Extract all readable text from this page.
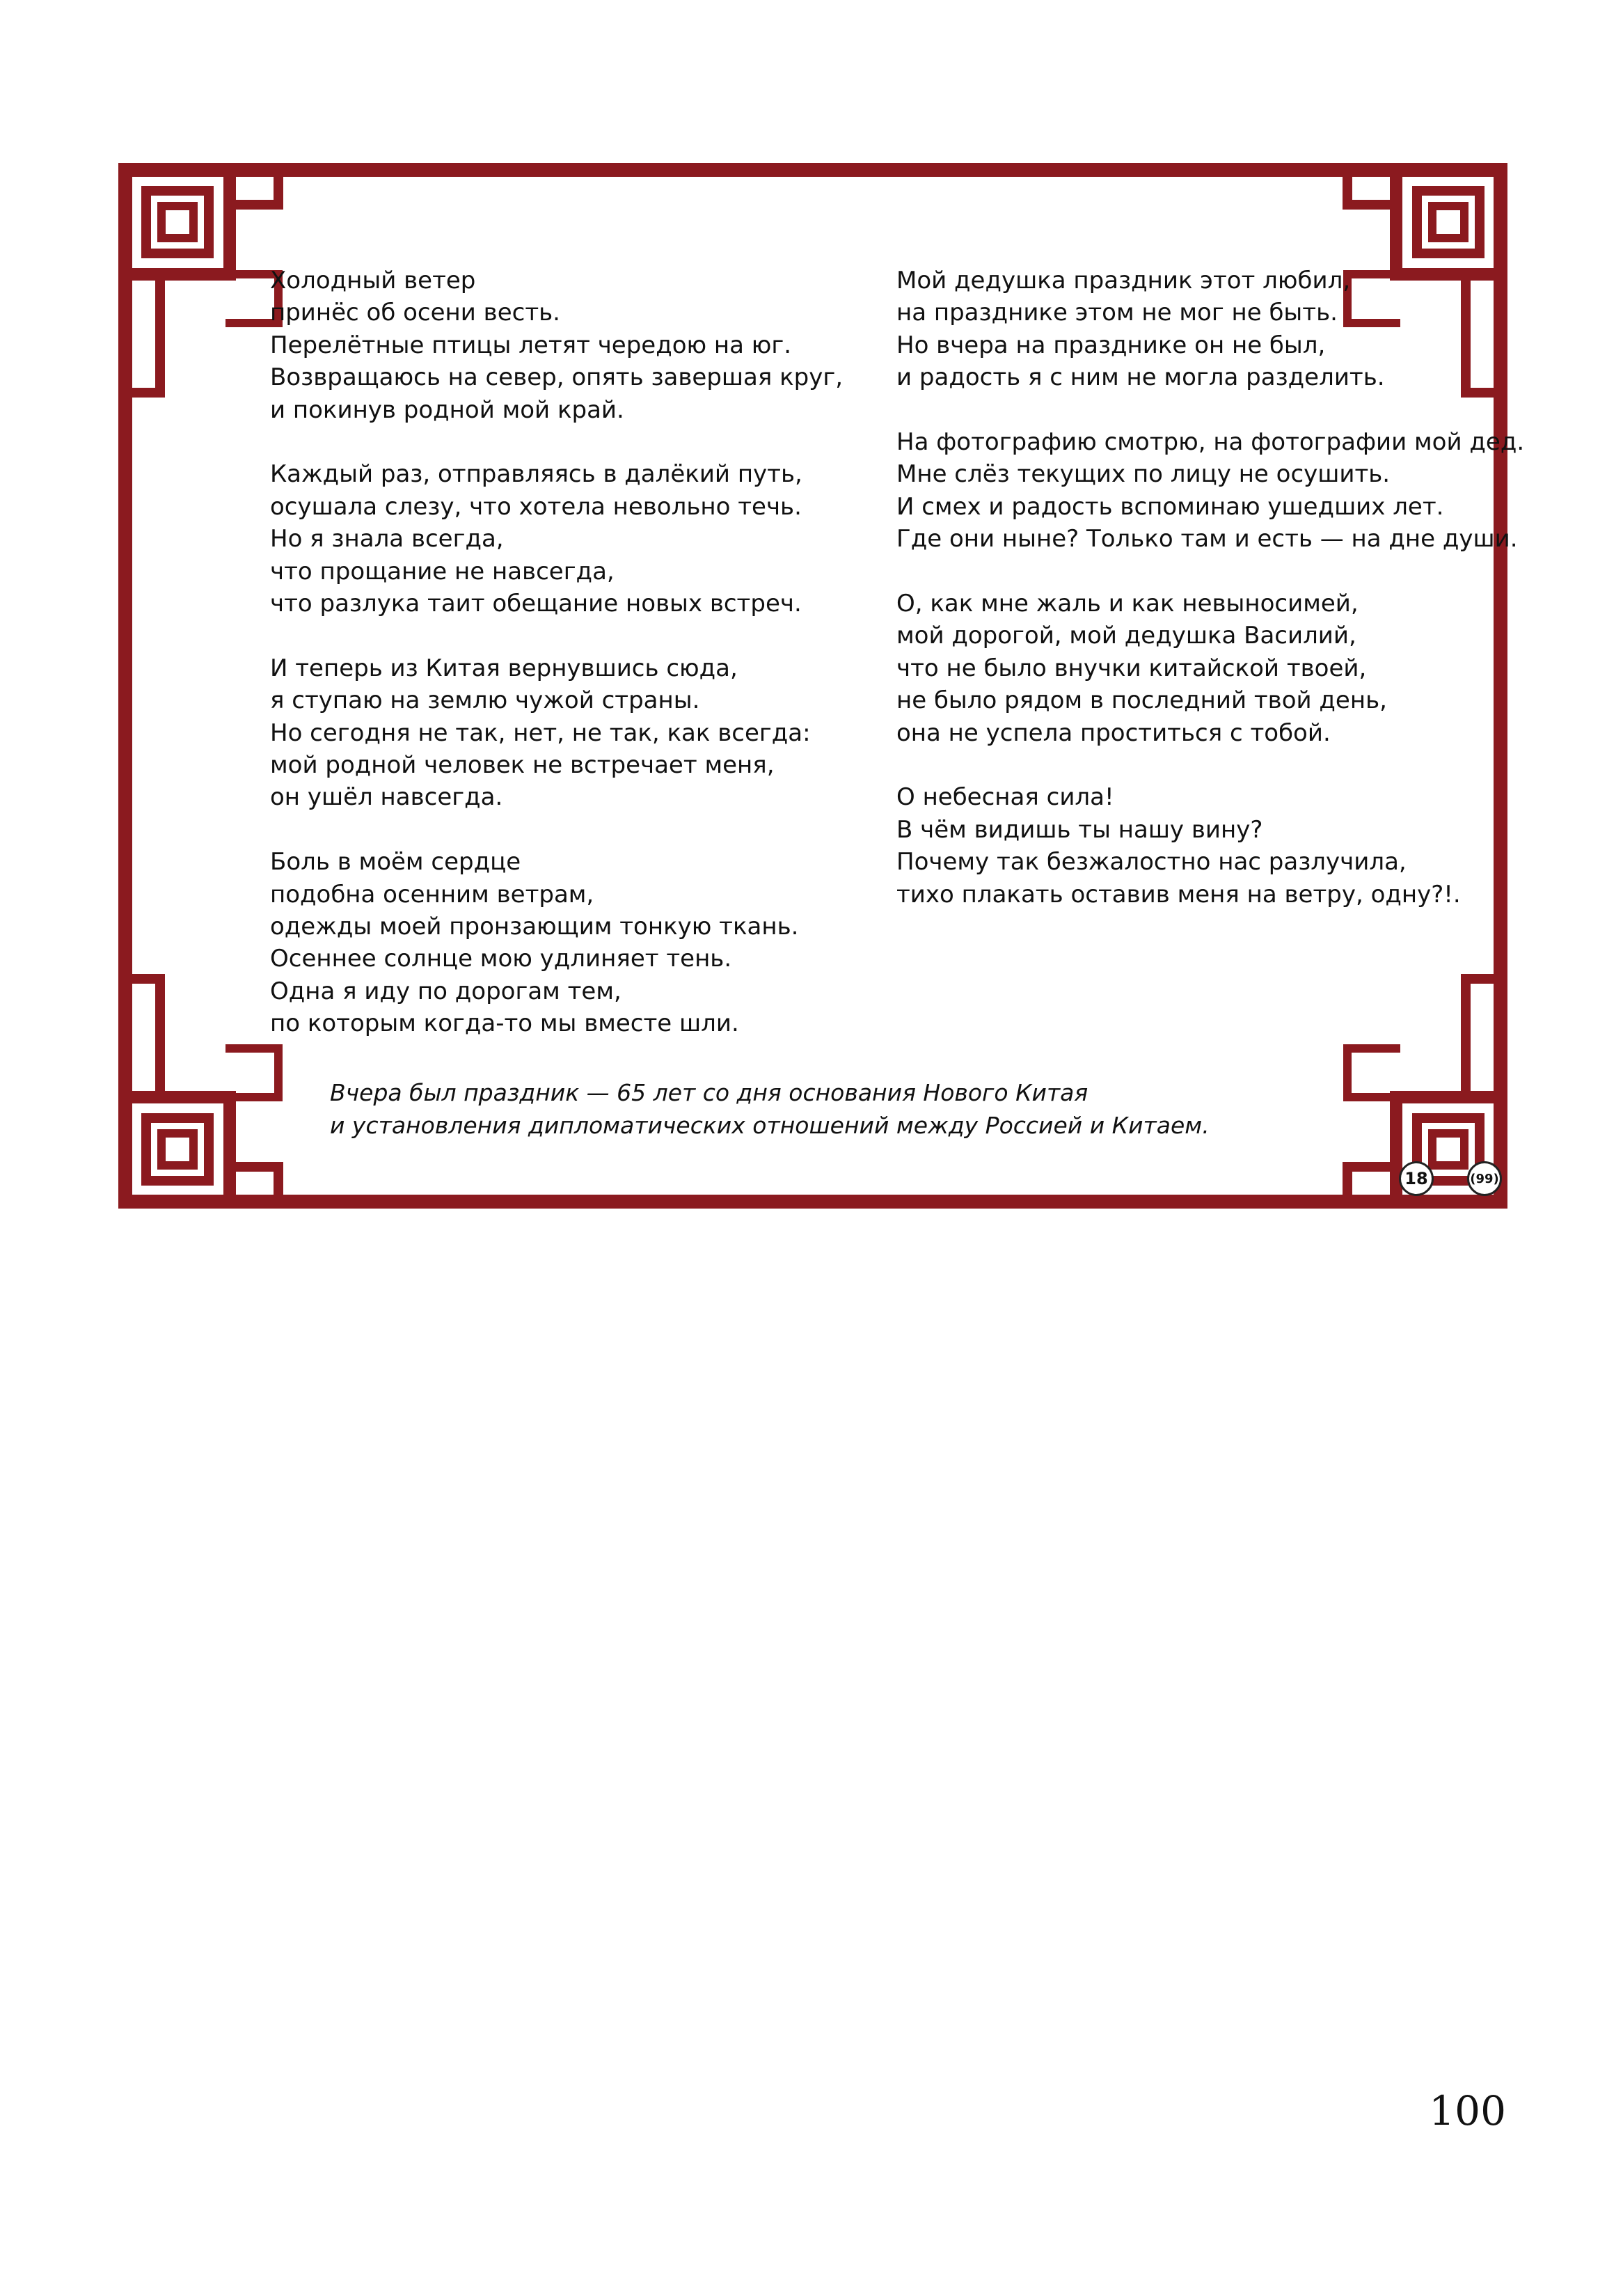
Холодный ветер
принёс об осени весть.
Перелётные птицы летят чередою на юг.
Возвращаюсь на север, опять завершая круг,
и покинув родной мой край.
Каждый раз, отправляясь в далёкий путь,
осушала слезу, что хотела невольно течь.
Но я знала всегда,
что прощание не навсегда,
что разлука таит обещание новых встреч.
И теперь из Китая вернувшись сюда,
я ступаю на землю чужой страны.
Но сегодня не так, нет, не так, как всегда:
мой родной человек не встречает меня,
он ушёл навсегда.
Боль в моём сердце
подобна осенним ветрам,
одежды моей пронзающим тонкую ткань.
Осеннее солнце мою удлиняет тень.
Одна я иду по дорогам тем,
по которым когда-то мы вместе шли.
Мой дедушка праздник этот любил,
на празднике этом не мог не быть.
Но вчера на празднике он не был,
и радость я с ним не могла разделить.
На фотографию смотрю, на фотографии мой дед.
Мне слёз текущих по лицу не осушить.
И смех и радость вспоминаю ушедших лет.
Где они ныне? Только там и есть — на дне души.
О, как мне жаль и как невыносимей,
мой дорогой, мой дедушка Василий,
что не было внучки китайской твоей,
не было рядом в последний твой день,
она не успела проститься с тобой.
О небесная сила!
В чём видишь ты нашу вину?
Почему так безжалостно нас разлучила,
тихо плакать оставив меня на ветру, одну?!.
Вчера был праздник — 65 лет со дня основания Нового Китая
и установления дипломатических отношений между Россией и Китаем.
18	(99)
100
